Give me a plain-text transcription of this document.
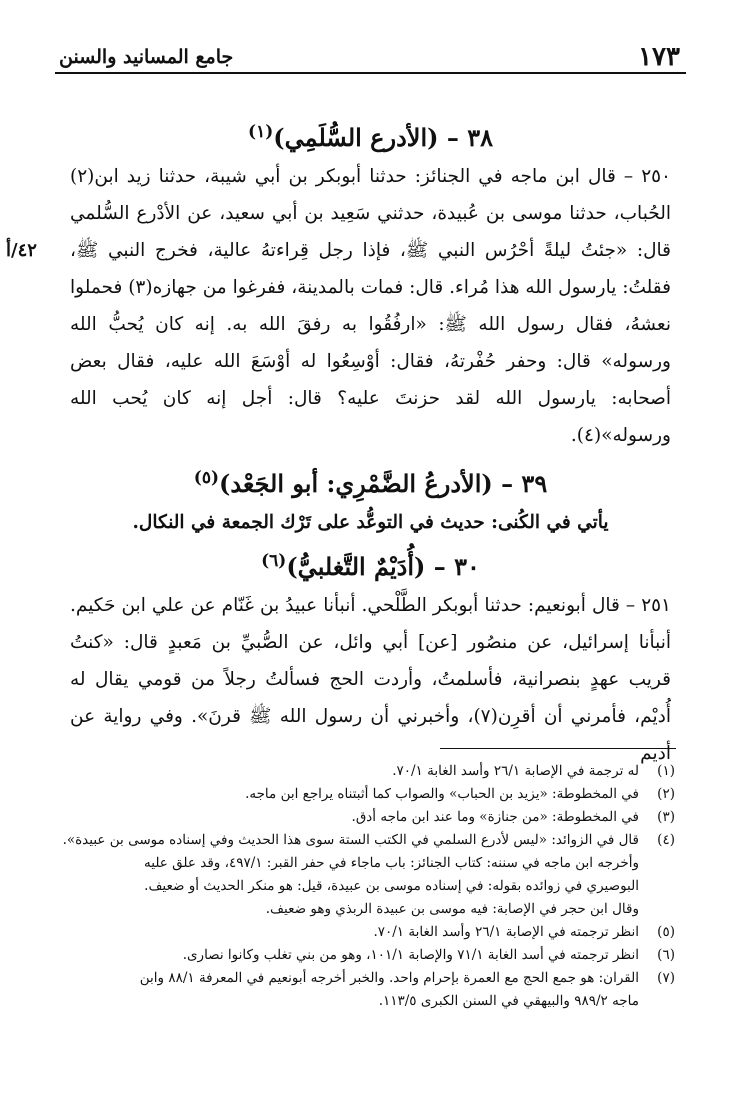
١٧٣
جامع المسانيد والسنن
٤٢/أ
٣٨ – (الأدرع السُّلَمِي)$^{(١)}$

٢٥٠ – قال ابن ماجه في الجنائز: حدثنا أبوبكر بن أبي شيبة، حدثنا زيد ابن(٢) الحُباب، حدثنا موسى بن عُبيدة، حدثني سَعِيد بن أبي سعيد، عن الأدْرع السُّلمي قال: «جئتُ ليلةً أحْرُس النبي ﷺ، فإذا رجل قِراءتهُ عالية، فخرج النبي ﷺ، فقلتُ: يارسول الله هذا مُراء. قال: فمات بالمدينة، ففرغوا من جهازه(٣) فحملوا نعشهُ، فقال رسول الله ﷺ: «ارفُقُوا به رفقَ الله به. إنه كان يُحبُّ الله ورسوله» قال: وحفر حُفْرتهُ، فقال: أوْسِعُوا له أوْسَعَ الله عليه، فقال بعض أصحابه: يارسول الله لقد حزنتَ عليه؟ قال: أجل إنه كان يُحب الله ورسوله»(٤).

٣٩ – (الأدرعُ الضَّمْرِي: أبو الجَعْد)$^{(٥)}$

يأتي في الكُنى: حديث في التوعُّد على تَرْك الجمعة في النكال.

٣٠ – (أُدَيْمٌ التَّغلبيُّ)$^{(٦)}$

٢٥١ – قال أبونعيم: حدثنا أبوبكر الطَّلْحي. أنبأنا عبيدُ بن غَنّام عن علي ابن حَكيم. أنبأنا إسرائيل، عن منصُور [عن] أبي وائل، عن الصُّبيِّ بن مَعبدٍ قال: «كنتُ قريب عهدٍ بنصرانية، فأسلمتُ، وأردت الحج فسألتُ رجلاً من قومي يقال له أُديْم، فأمرني أن أقرِن(٧)، وأخبرني أن رسول الله ﷺ قرنَ». وفي رواية عن أديم

(١)
له ترجمة في الإصابة ٢٦/١ وأسد الغابة ٧٠/١.
(٢)
في المخطوطة: «يزيد بن الحباب» والصواب كما أثبتناه يراجع ابن ماجه.
(٣)
في المخطوطة: «من جنازة» وما عند ابن ماجه أدق.
(٤)
قال في الزوائد: «ليس لأدرع السلمي في الكتب الستة سوى هذا الحديث وفي إسناده موسى بن عبيدة».
وأخرجه ابن ماجه في سننه: كتاب الجنائز: باب ماجاء في حفر القبر: ٤٩٧/١، وقد علق عليه
البوصيري في زوائده بقوله: في إسناده موسى بن عبيدة، قيل: هو منكر الحديث أو ضعيف.
وقال ابن حجر في الإصابة: فيه موسى بن عبيدة الربذي وهو ضعيف.
(٥)
انظر ترجمته في الإصابة ٢٦/١ وأسد الغابة ٧٠/١.
(٦)
انظر ترجمته في أسد الغابة ٧١/١ والإصابة ١٠١/١، وهو من بني تغلب وكانوا نصارى.
(٧)
القران: هو جمع الحج مع العمرة بإحرام واحد. والخبر أخرجه أبونعيم في المعرفة ٨٨/١ وابن
ماجه ٩٨٩/٢ والبيهقي في السنن الكبرى ١١٣/٥.
